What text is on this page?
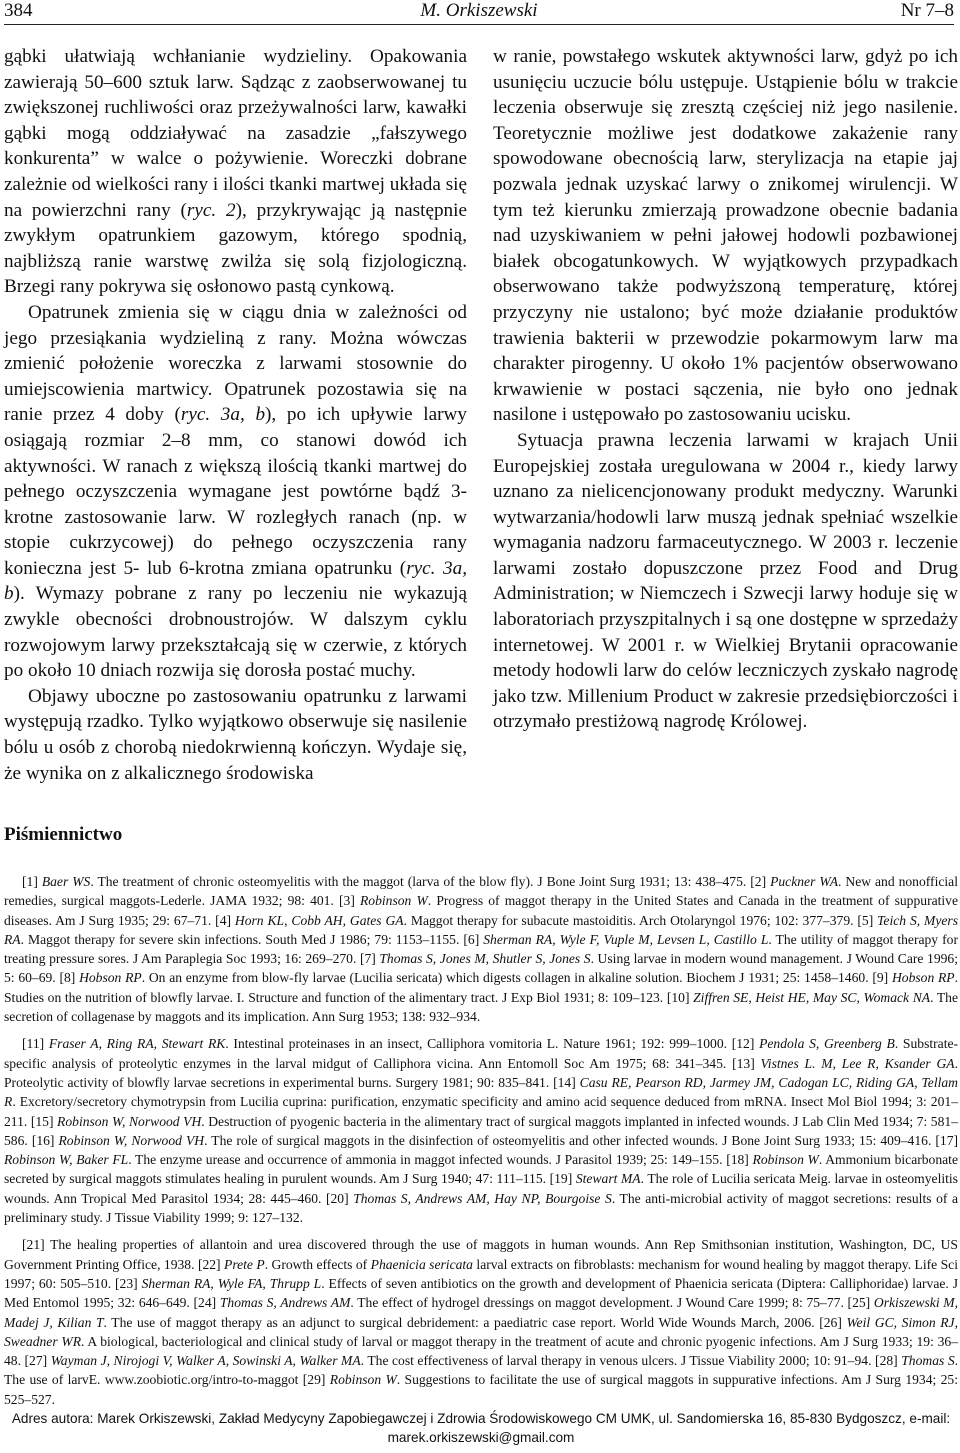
384	M. Orkiszewski	Nr 7–8

gąbki ułatwiają wchłanianie wydzieliny. Opakowania zawierają 50–600 sztuk larw. Sądząc z zaobserwowanej tu zwiększonej ruchliwości oraz przeżywalności larw, kawałki gąbki mogą oddziaływać na zasadzie „fałszywego konkurenta” w walce o pożywienie. Woreczki dobrane zależnie od wielkości rany i ilości tkanki martwej układa się na powierzchni rany (ryc. 2), przykrywając ją następnie zwykłym opatrunkiem gazowym, którego spodnią, najbliższą ranie warstwę zwilża się solą fizjologiczną. Brzegi rany pokrywa się osłonowo pastą cynkową.

Opatrunek zmienia się w ciągu dnia w zależności od jego przesiąkania wydzieliną z rany. Można wówczas zmienić położenie woreczka z larwami stosownie do umiejscowienia martwicy. Opatrunek pozostawia się na ranie przez 4 doby (ryc. 3a, b), po ich upływie larwy osiągają rozmiar 2–8 mm, co stanowi dowód ich aktywności. W ranach z większą ilością tkanki martwej do pełnego oczyszczenia wymagane jest powtórne bądź 3-krotne zastosowanie larw. W rozległych ranach (np. w stopie cukrzycowej) do pełnego oczyszczenia rany konieczna jest 5- lub 6-krotna zmiana opatrunku (ryc. 3a, b). Wymazy pobrane z rany po leczeniu nie wykazują zwykle obecności drobnoustrojów. W dalszym cyklu rozwojowym larwy przekształcają się w czerwie, z których po około 10 dniach rozwija się dorosła postać muchy.

Objawy uboczne po zastosowaniu opatrunku z larwami występują rzadko. Tylko wyjątkowo obserwuje się nasilenie bólu u osób z chorobą niedokrwienną kończyn. Wydaje się, że wynika on z alkalicznego środowiska

w ranie, powstałego wskutek aktywności larw, gdyż po ich usunięciu uczucie bólu ustępuje. Ustąpienie bólu w trakcie leczenia obserwuje się zresztą częściej niż jego nasilenie. Teoretycznie możliwe jest dodatkowe zakażenie rany spowodowane obecnością larw, sterylizacja na etapie jaj pozwala jednak uzyskać larwy o znikomej wirulencji. W tym też kierunku zmierzają prowadzone obecnie badania nad uzyskiwaniem w pełni jałowej hodowli pozbawionej białek obcogatunkowych. W wyjątkowych przypadkach obserwowano także podwyższoną temperaturę, której przyczyny nie ustalono; być może działanie produktów trawienia bakterii w przewodzie pokarmowym larw ma charakter pirogenny. U około 1% pacjentów obserwowano krwawienie w postaci sączenia, nie było ono jednak nasilone i ustępowało po zastosowaniu ucisku.

Sytuacja prawna leczenia larwami w krajach Unii Europejskiej została uregulowana w 2004 r., kiedy larwy uznano za nielicencjonowany produkt medyczny. Warunki wytwarzania/hodowli larw muszą jednak spełniać wszelkie wymagania nadzoru farmaceutycznego. W 2003 r. leczenie larwami zostało dopuszczone przez Food and Drug Administration; w Niemczech i Szwecji larwy hoduje się w laboratoriach przyszpitalnych i są one dostępne w sprzedaży internetowej. W 2001 r. w Wielkiej Brytanii opracowanie metody hodowli larw do celów leczniczych zyskało nagrodę jako tzw. Millenium Product w zakresie przedsiębiorczości i otrzymało prestiżową nagrodę Królowej.

Piśmiennictwo

[1] Baer WS. The treatment of chronic osteomyelitis with the maggot (larva of the blow fly). J Bone Joint Surg 1931; 13: 438–475. [2] Puckner WA. New and nonofficial remedies, surgical maggots-Lederle. JAMA 1932; 98: 401. [3] Robinson W. Progress of maggot therapy in the United States and Canada in the treatment of suppurative diseases. Am J Surg 1935; 29: 67–71. [4] Horn KL, Cobb AH, Gates GA. Maggot therapy for subacute mastoiditis. Arch Otolaryngol 1976; 102: 377–379. [5] Teich S, Myers RA. Maggot therapy for severe skin infections. South Med J 1986; 79: 1153–1155. [6] Sherman RA, Wyle F, Vuple M, Levsen L, Castillo L. The utility of maggot therapy for treating pressure sores. J Am Paraplegia Soc 1993; 16: 269–270. [7] Thomas S, Jones M, Shutler S, Jones S. Using larvae in modern wound management. J Wound Care 1996; 5: 60–69. [8] Hobson RP. On an enzyme from blow-fly larvae (Lucilia sericata) which digests collagen in alkaline solution. Biochem J 1931; 25: 1458–1460. [9] Hobson RP. Studies on the nutrition of blowfly larvae. I. Structure and function of the alimentary tract. J Exp Biol 1931; 8: 109–123. [10] Ziffren SE, Heist HE, May SC, Womack NA. The secretion of collagenase by maggots and its implication. Ann Surg 1953; 138: 932–934.

[11] Fraser A, Ring RA, Stewart RK. Intestinal proteinases in an insect, Calliphora vomitoria L. Nature 1961; 192: 999–1000. [12] Pendola S, Greenberg B. Substrate-specific analysis of proteolytic enzymes in the larval midgut of Calliphora vicina. Ann Entomoll Soc Am 1975; 68: 341–345. [13] Vistnes L. M, Lee R, Ksander GA. Proteolytic activity of blowfly larvae secretions in experimental burns. Surgery 1981; 90: 835–841. [14] Casu RE, Pearson RD, Jarmey JM, Cadogan LC, Riding GA, Tellam R. Excretory/secretory chymotrypsin from Lucilia cuprina: purification, enzymatic specificity and amino acid sequence deduced from mRNA. Insect Mol Biol 1994; 3: 201–211. [15] Robinson W, Norwood VH. Destruction of pyogenic bacteria in the alimentary tract of surgical maggots implanted in infected wounds. J Lab Clin Med 1934; 7: 581–586. [16] Robinson W, Norwood VH. The role of surgical maggots in the disinfection of osteomyelitis and other infected wounds. J Bone Joint Surg 1933; 15: 409–416. [17] Robinson W, Baker FL. The enzyme urease and occurrence of ammonia in maggot infected wounds. J Parasitol 1939; 25: 149–155. [18] Robinson W. Ammonium bicarbonate secreted by surgical maggots stimulates healing in purulent wounds. Am J Surg 1940; 47: 111–115. [19] Stewart MA. The role of Lucilia sericata Meig. larvae in osteomyelitis wounds. Ann Tropical Med Parasitol 1934; 28: 445–460. [20] Thomas S, Andrews AM, Hay NP, Bourgoise S. The anti-microbial activity of maggot secretions: results of a preliminary study. J Tissue Viability 1999; 9: 127–132.

[21] The healing properties of allantoin and urea discovered through the use of maggots in human wounds. Ann Rep Smithsonian institution, Washington, DC, US Government Printing Office, 1938. [22] Prete P. Growth effects of Phaenicia sericata larval extracts on fibroblasts: mechanism for wound healing by maggot therapy. Life Sci 1997; 60: 505–510. [23] Sherman RA, Wyle FA, Thrupp L. Effects of seven antibiotics on the growth and development of Phaenicia sericata (Diptera: Calliphoridae) larvae. J Med Entomol 1995; 32: 646–649. [24] Thomas S, Andrews AM. The effect of hydrogel dressings on maggot development. J Wound Care 1999; 8: 75–77. [25] Orkiszewski M, Madej J, Kilian T. The use of maggot therapy as an adjunct to surgical debridement: a paediatric case report. World Wide Wounds March, 2006. [26] Weil GC, Simon RJ, Sweadner WR. A biological, bacteriological and clinical study of larval or maggot therapy in the treatment of acute and chronic pyogenic infections. Am J Surg 1933; 19: 36–48. [27] Wayman J, Nirojogi V, Walker A, Sowinski A, Walker MA. The cost effectiveness of larval therapy in venous ulcers. J Tissue Viability 2000; 10: 91–94. [28] Thomas S. The use of larvE. www.zoobiotic.org/intro-to-maggot [29] Robinson W. Suggestions to facilitate the use of surgical maggots in suppurative infections. Am J Surg 1934; 25: 525–527.

Adres autora: Marek Orkiszewski, Zakład Medycyny Zapobiegawczej i Zdrowia Środowiskowego CM UMK, ul. Sandomierska 16, 85-830 Bydgoszcz, e-mail:
marek.orkiszewski@gmail.com
